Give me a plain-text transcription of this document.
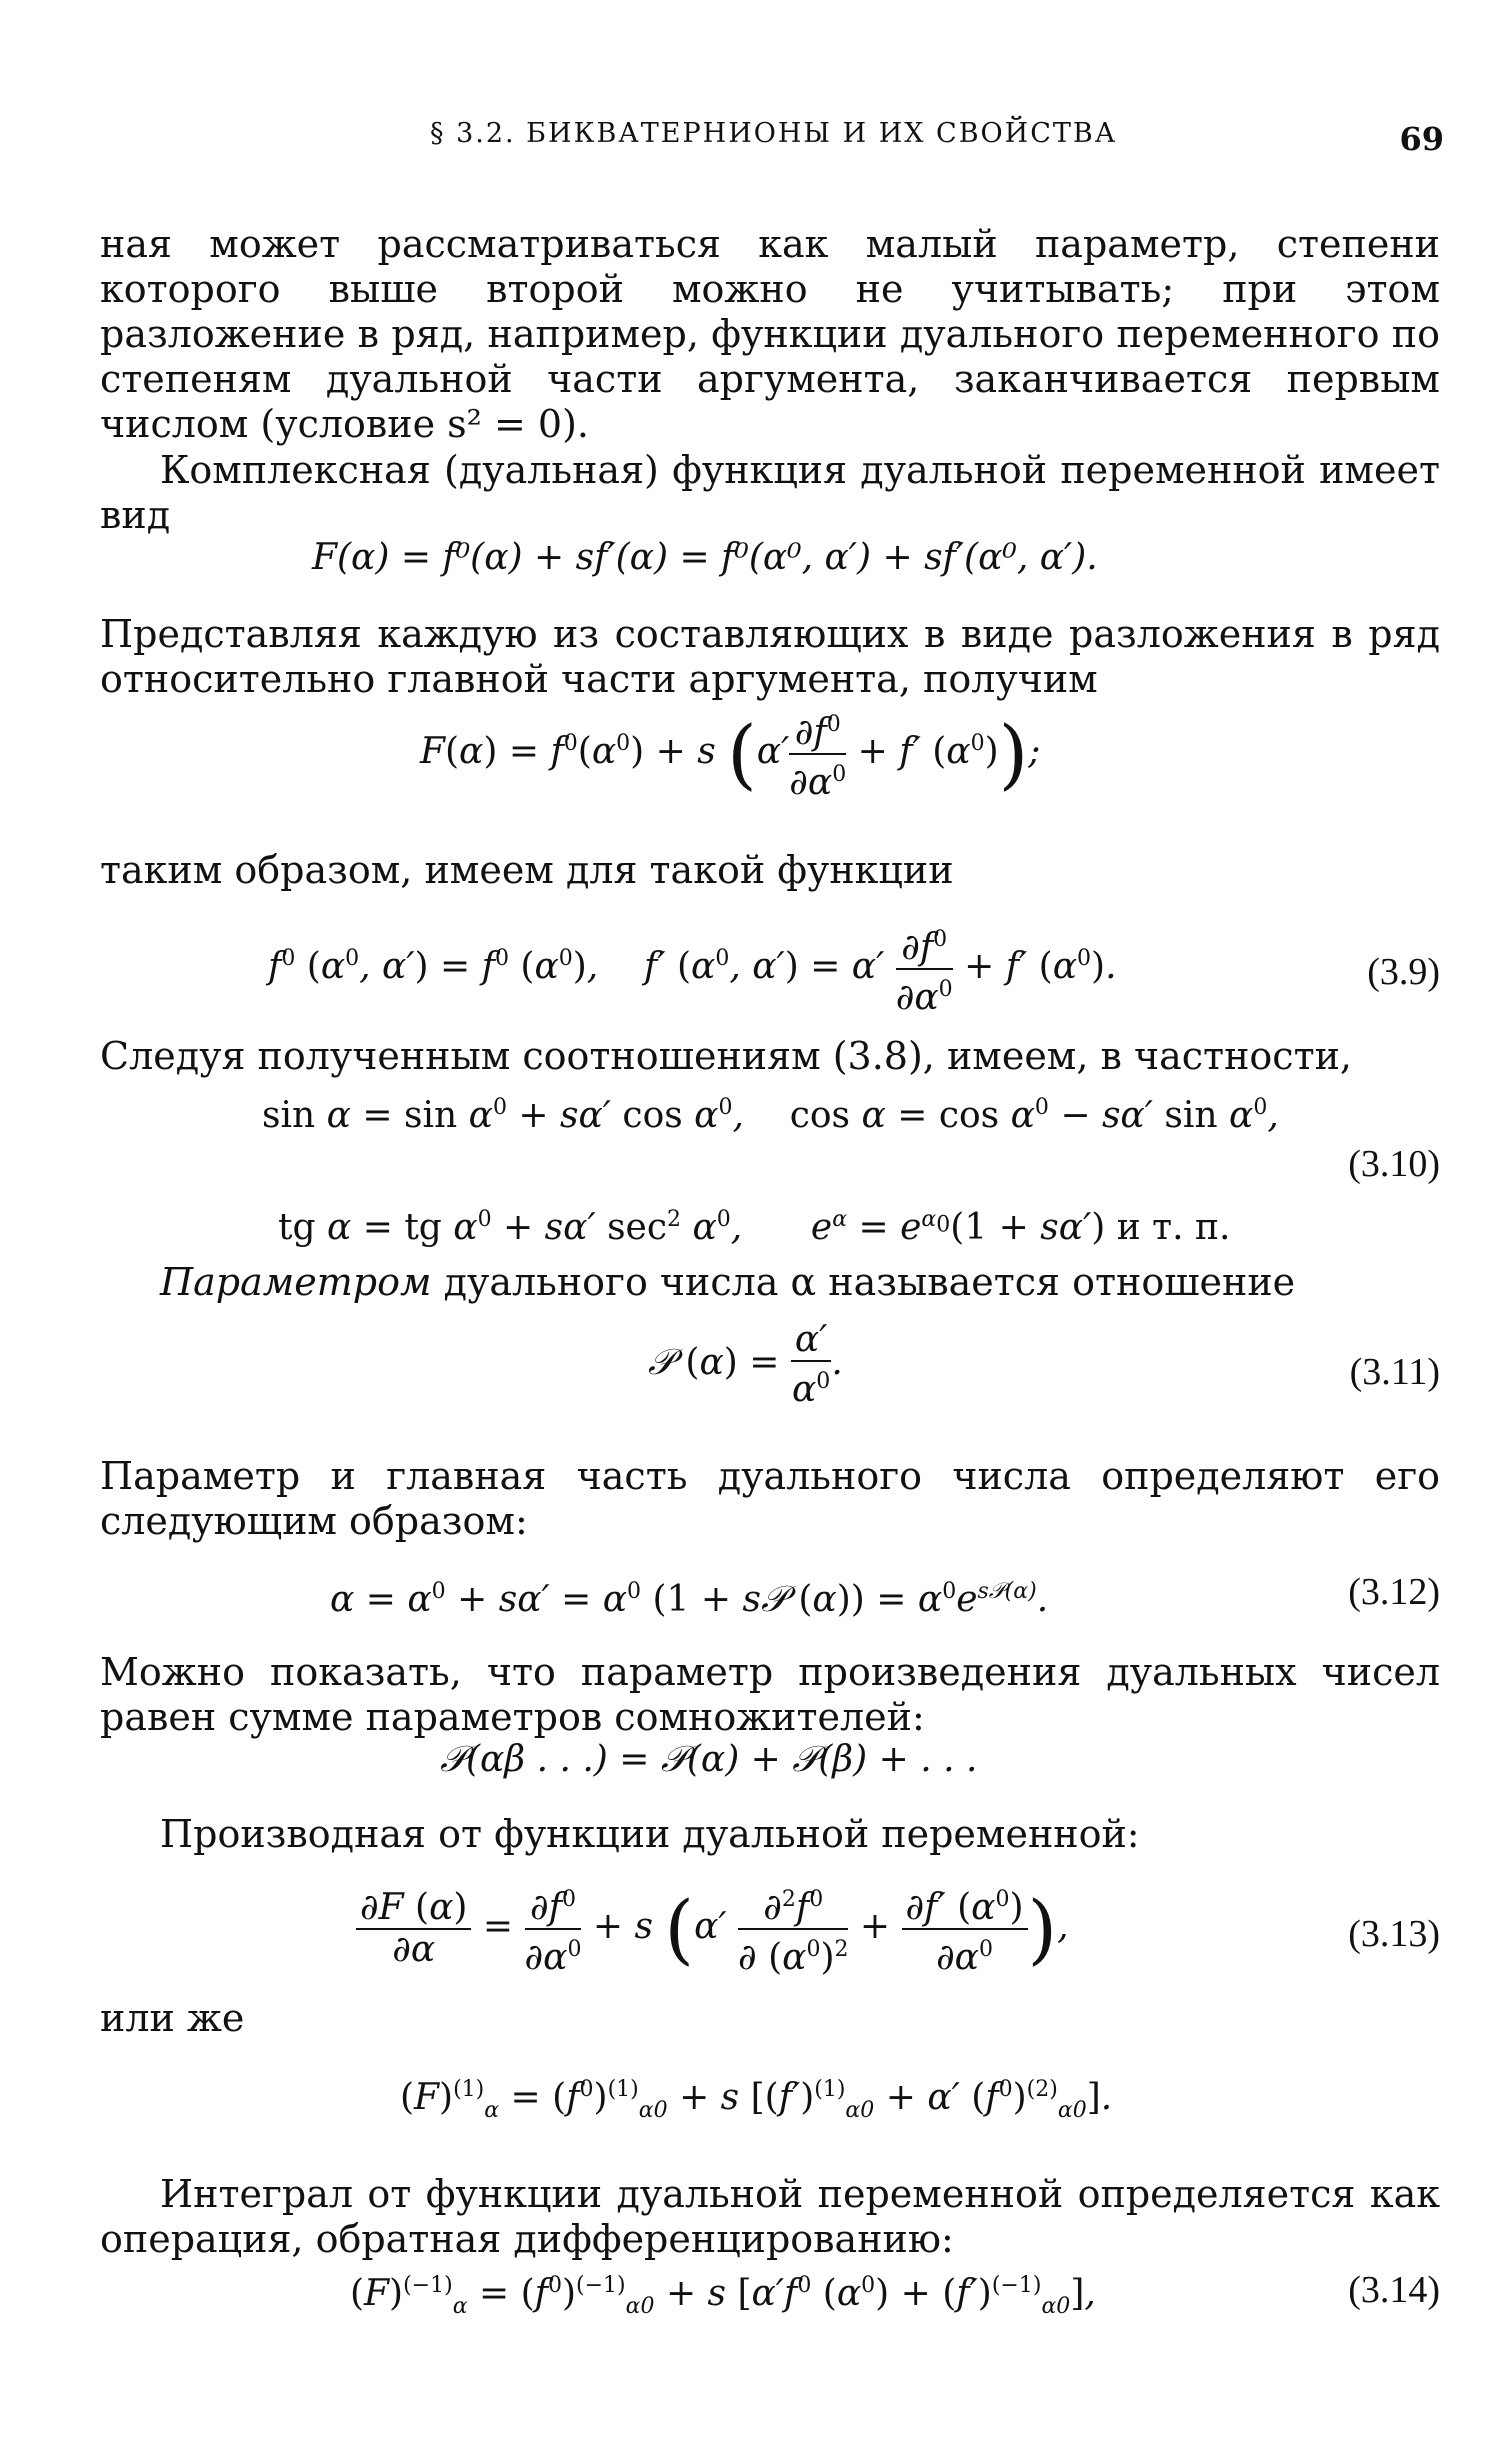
§ 3.2. БИКВАТЕРНИОНЫ И ИХ СВОЙСТВА	69

ная может рассматриваться как малый параметр, степени которого выше второй можно не учитывать; при этом разложение в ряд, например, функции дуального переменного по степеням дуальной части аргумента, заканчивается первым числом (условие s² = 0).

Комплексная (дуальная) функция дуальной переменной имеет вид

F(α) = f⁰(α) + sf′(α) = f⁰(α⁰, α′) + sf′(α⁰, α′).

Представляя каждую из составляющих в виде разложения в ряд относительно главной части аргумента, получим

$F(\alpha) = f^0(\alpha^0) + s$ ($\alpha' \frac{\partial f^0}{\partial\alpha^0} + f'$ $(\alpha^0)$);

таким образом, имеем для такой функции

$f^0$ ($\alpha^0$, $\alpha') = f^0$ $(\alpha^0)$,    f′ ($\alpha^0$, $\alpha') = \alpha' \frac{\partial f^0}{\partial\alpha^0} + f'$ $(\alpha^0)$.	(3.9)

Следуя полученным соотношениям (3.8), имеем, в частности,

$\sin \alpha = \sin \alpha^0 + s\alpha'$ $\cos \alpha^0$,    $\cos \alpha = \cos \alpha^0 - s\alpha'$ $\sin \alpha^0$,
(3.10)
tg α = tg $\alpha^0 + s\alpha'$ $\sec^2 \alpha^0$,      $e^\alpha = e^{\alpha_0}(1 + s\alpha')$ и т. п.

Параметром дуального числа α называется отношение

𝒫 $(\alpha) = \frac{\alpha'}{\alpha^0}$ .	(3.11)

Параметр и главная часть дуального числа определяют его следующим образом:

$\alpha = \alpha^0 + s\alpha' = \alpha^0$ (1 + s𝒫 $(\alpha)) = \alpha^0e^{s𝒫(\alpha)}$.	(3.12)

Можно показать, что параметр произведения дуальных чисел равен сумме параметров сомножителей:

𝒫(αβ . . .) = 𝒫(α) + 𝒫(β) + . . .

Производная от функции дуальной переменной:

$\frac{\partial F (\alpha)}{\partial\alpha} = \frac{\partial f^0}{\partial\alpha^0} + s$ ($\alpha' \frac{\partial^2f^0}{\partial (\alpha^0)^2} + \frac{\partial f' (\alpha^0)}{\partial\alpha^0}$ ),	(3.13)

или же

$(F)^{(1)}_\alpha = (f^0)^{(1)}_{\alpha 0} + s$ [$(f')^{(1)}_{\alpha 0} + \alpha'$ $(f^0)^{(2)}_{\alpha 0}$].

Интеграл от функции дуальной переменной определяется как операция, обратная дифференцированию:

$(F)^{(-1)}_\alpha = (f^0)^{(-1)}_{\alpha 0} + s$ [$\alpha'f^0$ $(\alpha^0) + (f')^{(-1)}_{\alpha 0}$],	(3.14)
